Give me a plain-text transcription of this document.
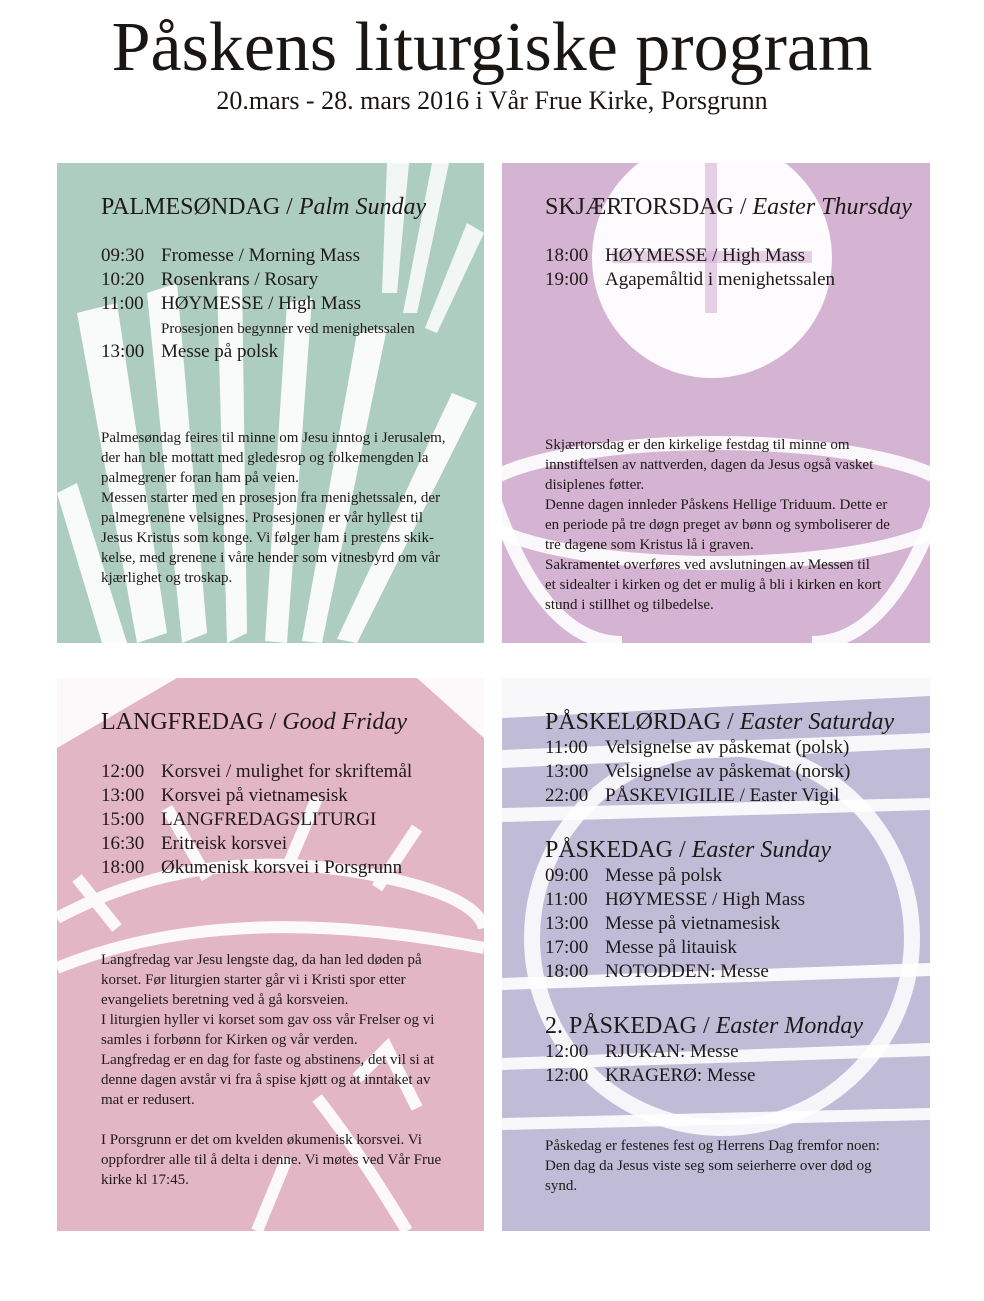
Påskens liturgiske program
20.mars - 28. mars 2016 i Vår Frue Kirke, Porsgrunn
PALMESØNDAG / Palm Sunday
09:30 Fromesse / Morning Mass
10:20 Rosenkrans / Rosary
11:00 HØYMESSE / High Mass
Prosesjonen begynner ved menighetssalen
13:00 Messe på polsk

Palmesøndag feires til minne om Jesu inntog i Jerusalem,

der han ble mottatt med gledesrop og folkemengden la

palmegrener foran ham på veien.

Messen starter med en prosesjon fra menighetssalen, der

palmegrenene velsignes. Prosesjonen er vår hyllest til

Jesus Kristus som konge. Vi følger ham i prestens skik-

kelse, med grenene i våre hender som vitnesbyrd om vår

kjærlighet og troskap.

SKJÆRTORSDAG / Easter Thursday
18:00 HØYMESSE / High Mass
19:00 Agapemåltid i menighetssalen

Skjærtorsdag er den kirkelige festdag til minne om

innstiftelsen av nattverden, dagen da Jesus også vasket

disiplenes føtter.

Denne dagen innleder Påskens Hellige Triduum. Dette er

en periode på tre døgn preget av bønn og symboliserer de

tre dagene som Kristus lå i graven.

Sakramentet overføres ved avslutningen av Messen til

et sidealter i kirken og det er mulig å bli i kirken en kort

stund i stillhet og tilbedelse.

LANGFREDAG / Good Friday
12:00 Korsvei / mulighet for skriftemål
13:00 Korsvei på vietnamesisk
15:00 LANGFREDAGSLITURGI
16:30 Eritreisk korsvei
18:00 Økumenisk korsvei i Porsgrunn

Langfredag var Jesu lengste dag, da han led døden på

korset. Før liturgien starter går vi i Kristi spor etter

evangeliets beretning ved å gå korsveien.

I liturgien hyller vi korset som gav oss vår Frelser og vi

samles i forbønn for Kirken og vår verden.

Langfredag er en dag for faste og abstinens, det vil si at

denne dagen avstår vi fra å spise kjøtt og at inntaket av

mat er redusert.

I Porsgrunn er det om kvelden økumenisk korsvei. Vi

oppfordrer alle til å delta i denne. Vi møtes ved Vår Frue

kirke kl 17:45.

PÅSKELØRDAG / Easter Saturday
11:00 Velsignelse av påskemat (polsk)
13:00 Velsignelse av påskemat (norsk)
22:00 PÅSKEVIGILIE / Easter Vigil
PÅSKEDAG / Easter Sunday
09:00 Messe på polsk
11:00 HØYMESSE / High Mass
13:00 Messe på vietnamesisk
17:00 Messe på litauisk
18:00 NOTODDEN: Messe
2. PÅSKEDAG / Easter Monday
12:00 RJUKAN: Messe
12:00 KRAGERØ: Messe

Påskedag er festenes fest og Herrens Dag fremfor noen:

Den dag da Jesus viste seg som seierherre over død og

synd.
